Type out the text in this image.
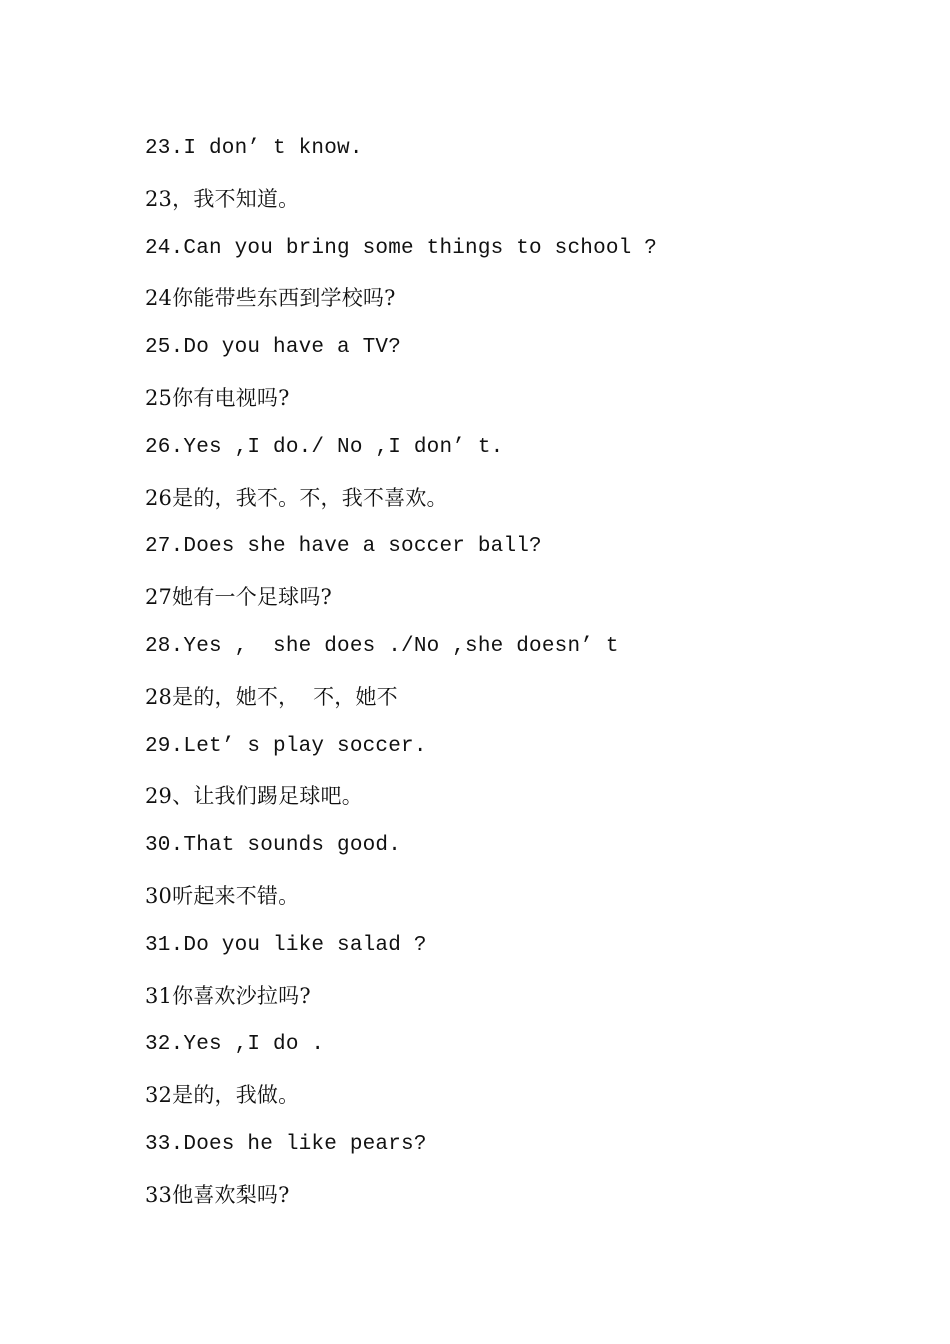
23.I don’ t know.
23，我不知道。
24.Can you bring some things to school ?
24你能带些东西到学校吗?
25.Do you have a TV?
25你有电视吗?
26.Yes ,I do./ No ,I don’ t.
26是的，我不。不，我不喜欢。
27.Does she have a soccer ball?
27她有一个足球吗?
28.Yes ,  she does ./No ,she doesn’ t
28是的，她不，  不，她不
29.Let’ s play soccer.
29、让我们踢足球吧。
30.That sounds good.
30听起来不错。
31.Do you like salad ?
31你喜欢沙拉吗?
32.Yes ,I do .
32是的，我做。
33.Does he like pears?
33他喜欢梨吗?
